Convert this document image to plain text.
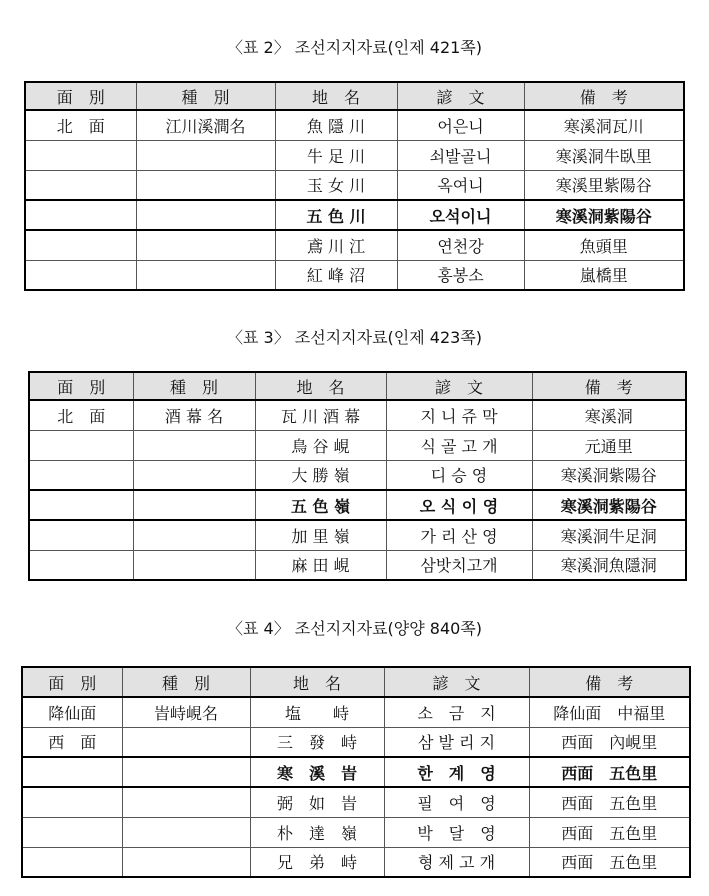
〈표 2〉 조선지지자료(인제 421쪽)
面　別	種　別	地　名	諺　文	備　考
北　面	江川溪澗名	魚 隱 川	어은니	寒溪洞瓦川
		牛 足 川	쇠발골니	寒溪洞牛臥里
		玉 女 川	옥여니	寒溪里紫陽谷
		五 色 川	오석이니	寒溪洞紫陽谷
		鳶 川 江	연천강	魚頭里
		紅 峰 沼	홍봉소	嵐橋里
〈표 3〉 조선지지자료(인제 423쪽)
面　別	種　別	地　名	諺　文	備　考
北　面	酒 幕 名	瓦 川 酒 幕	지 니 쥬 막	寒溪洞
		鳥 谷 峴	식 골 고 개	元通里
		大 勝 嶺	디 승 영	寒溪洞紫陽谷
		五 色 嶺	오 식 이 영	寒溪洞紫陽谷
		加 里 嶺	가 리 산 영	寒溪洞牛足洞
		麻 田 峴	삼밧치고개	寒溪洞魚隱洞
〈표 4〉 조선지지자료(양양 840쪽)
面　別	種　別	地　名	諺　文	備　考
降仙面	峕峙峴名	塩　　峙	소　금　지	降仙面　中福里
西　面		三　發　峙	삼 발 리 지	西面　內峴里
		寒　溪　峕	한　계　영	西面　五色里
		弼　如　峕	필　여　영	西面　五色里
		朴　達　嶺	박　달　영	西面　五色里
		兄　弟　峙	형 제 고 개	西面　五色里
